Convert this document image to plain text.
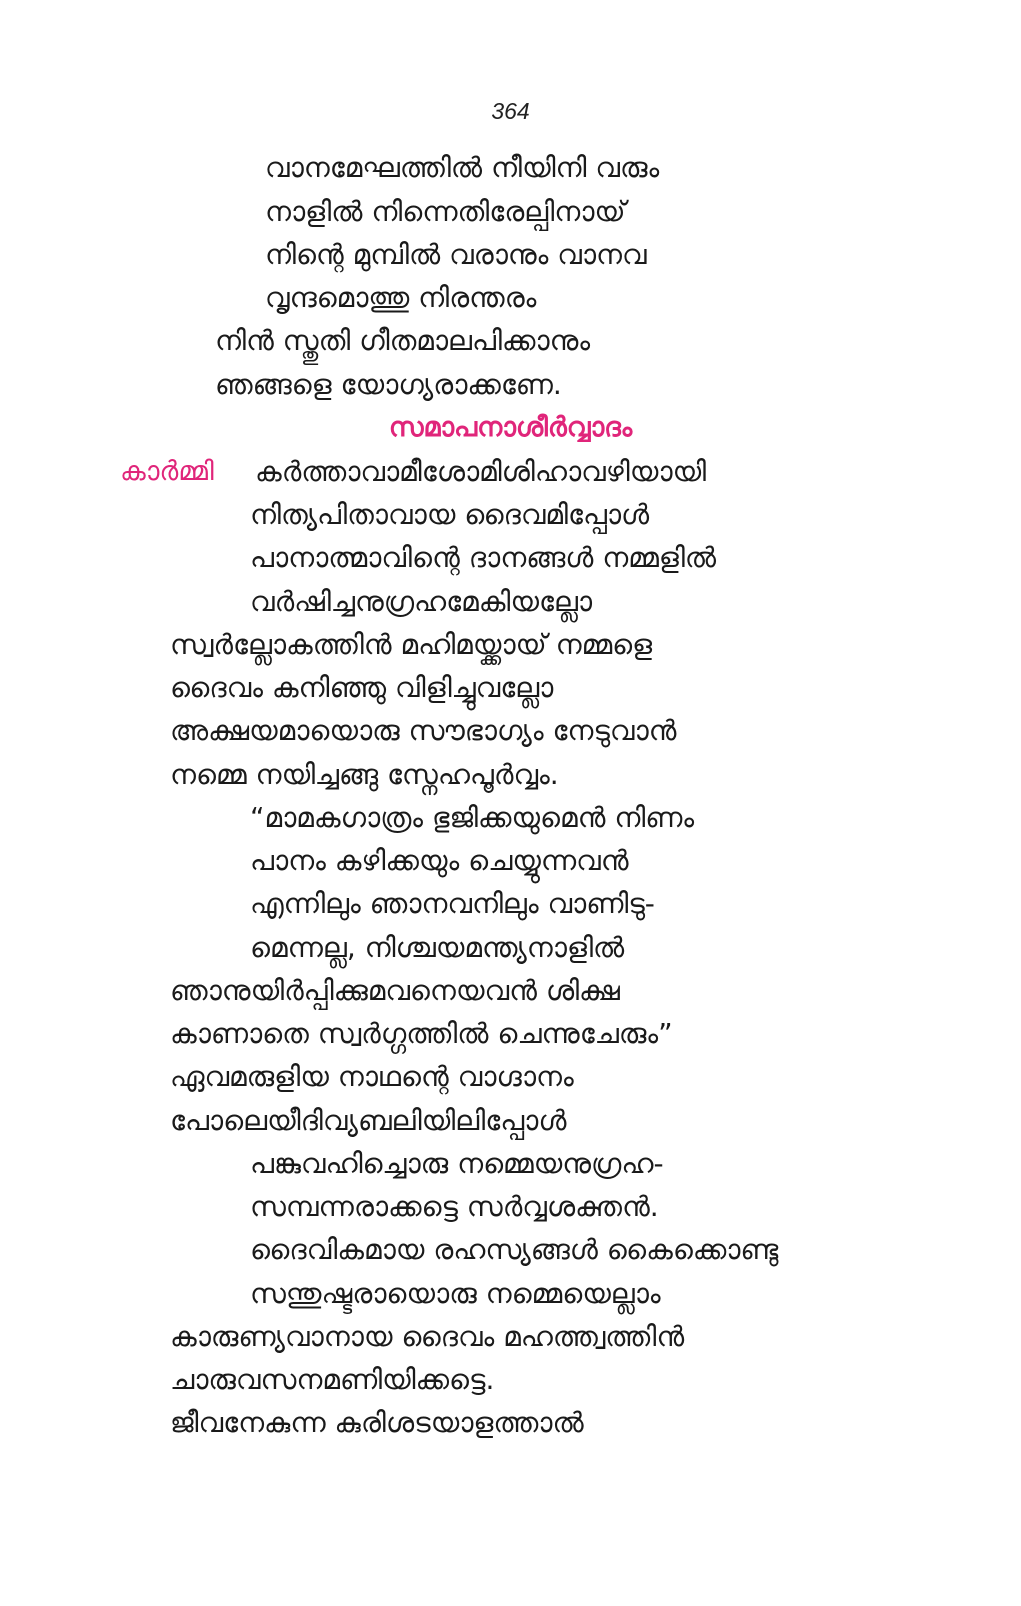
364
വാനമേഘത്തിൽ നീയിനി വരും
നാളിൽ നിന്നെതിരേല്പിനായ്
നിന്റെ മുമ്പിൽ വരാനും വാനവ
വൃന്ദമൊത്തു നിരന്തരം
നിൻ സ്തുതി ഗീതമാലപിക്കാനും
ഞങ്ങളെ യോഗ്യരാക്കണേ.
സമാപനാശീർവ്വാദം
കാർമ്മി കർത്താവാമീശോമിശിഹാവഴിയായി
നിത്യപിതാവായ ദൈവമിപ്പോൾ
പാനാത്മാവിന്റെ ദാനങ്ങൾ നമ്മളിൽ
വർഷിച്ചനുഗ്രഹമേകിയല്ലോ
സ്വർല്ലോകത്തിൻ മഹിമയ്ക്കായ് നമ്മളെ
ദൈവം കനിഞ്ഞു വിളിച്ചുവല്ലോ
അക്ഷയമായൊരു സൗഭാഗ്യം നേടുവാൻ
നമ്മെ നയിച്ചങ്ങു സ്നേഹപൂർവ്വം.
“മാമകഗാത്രം ഭുജിക്കയുമെൻ നിണം
പാനം കഴിക്കയും ചെയ്യുന്നവൻ
എന്നിലും ഞാനവനിലും വാണിടു-
മെന്നല്ല, നിശ്ചയമന്ത്യനാളിൽ
ഞാനുയിർപ്പിക്കുമവനെയവൻ ശിക്ഷ
കാണാതെ സ്വർഗ്ഗത്തിൽ ചെന്നുചേരും”
ഏവമരുളിയ നാഥന്റെ വാഗ്ദാനം
പോലെയീദിവ്യബലിയിലിപ്പോൾ
പങ്കുവഹിച്ചൊരു നമ്മെയനുഗ്രഹ-
സമ്പന്നരാക്കട്ടെ സർവ്വശക്തൻ.
ദൈവികമായ രഹസ്യങ്ങൾ കൈക്കൊണ്ടു
സന്തുഷ്ടരായൊരു നമ്മെയെല്ലാം
കാരുണ്യവാനായ ദൈവം മഹത്ത്വത്തിൻ
ചാരുവസനമണിയിക്കട്ടെ.
ജീവനേകുന്ന കുരിശടയാളത്താൽ
